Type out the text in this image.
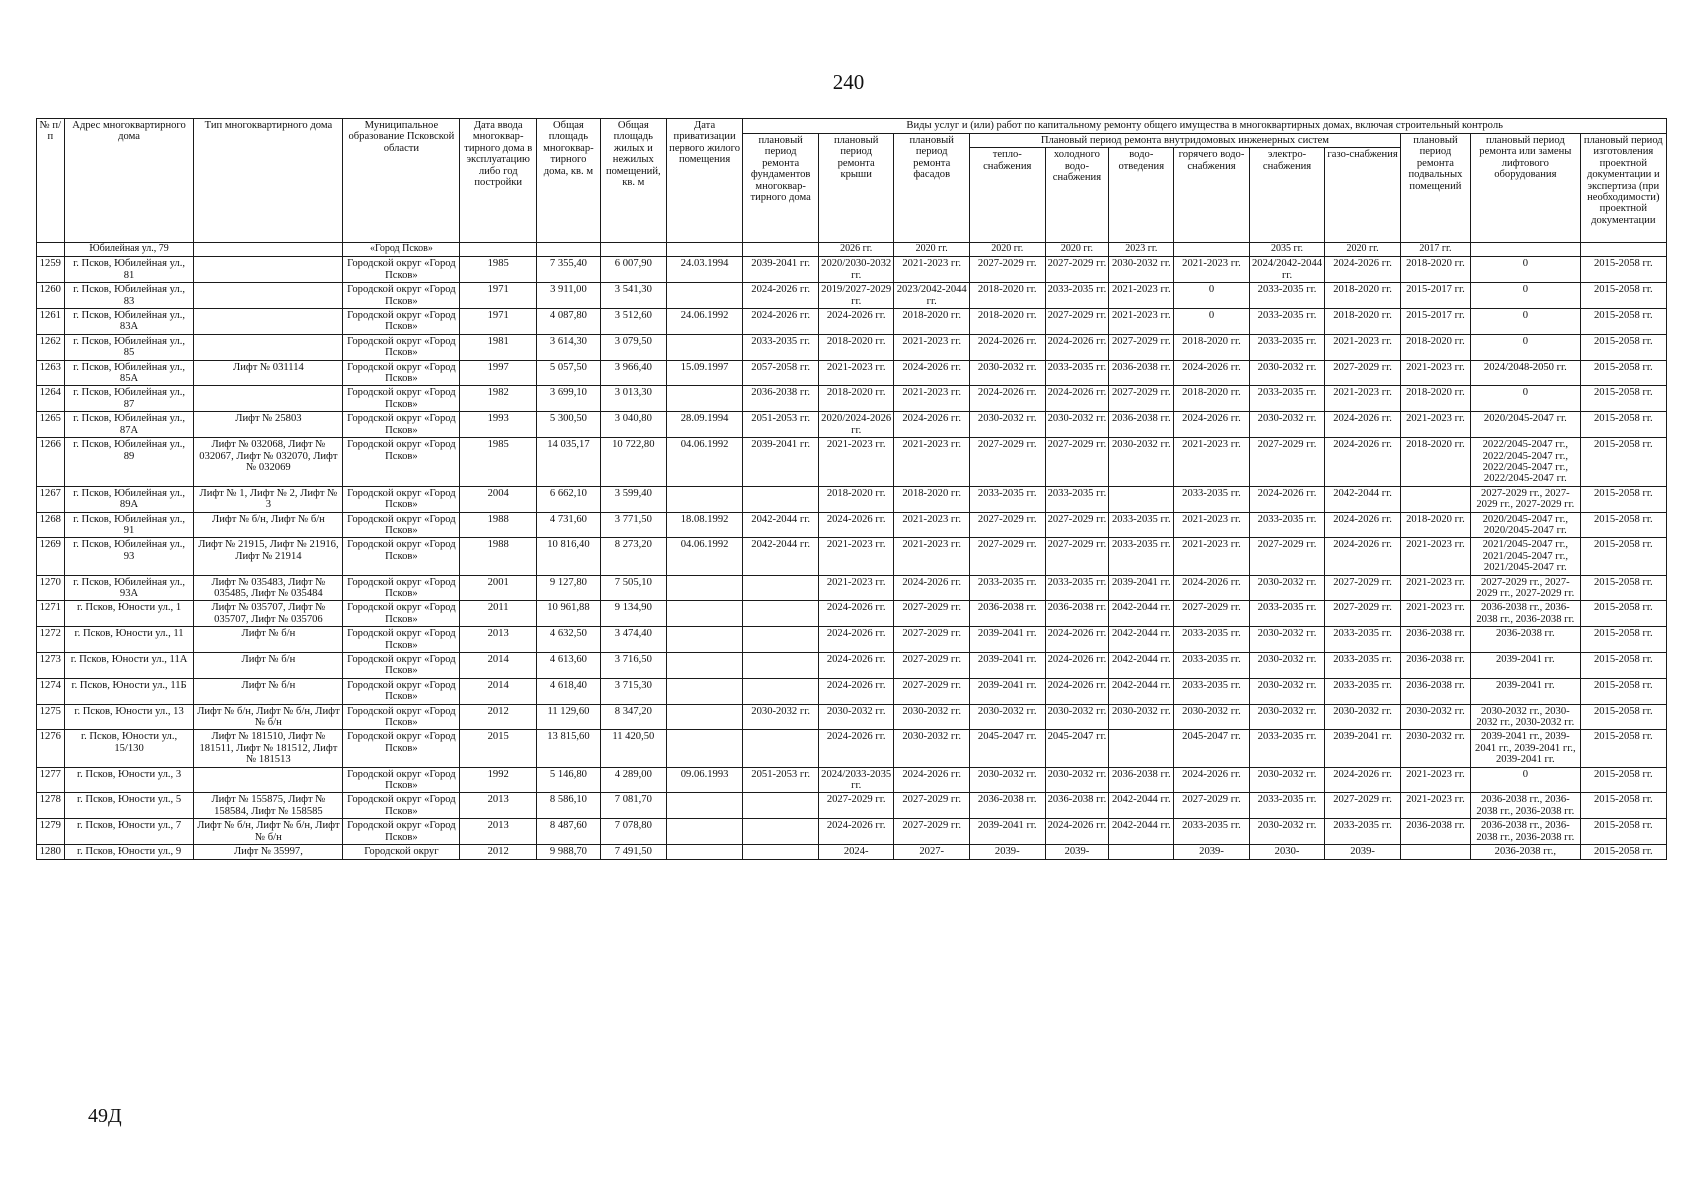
240
№ п/п	Адрес многоквартирного дома	Тип многоквартирного дома	Муниципальное образование Псковской области	Дата ввода многоквар-тирного дома в эксплуатацию либо год постройки	Общая площадь многоквар-тирного дома, кв. м	Общая площадь жилых и нежилых помещений, кв. м	Дата приватизации первого жилого помещения	Виды услуг и (или) работ по капитальному ремонту общего имущества в многоквартирных домах, включая строительный контроль											
								плановый период ремонта фундаментов многоквар-тирного дома	плановый период ремонта крыши	плановый период ремонта фасадов	Плановый период ремонта внутридомовых инженерных систем						плановый период ремонта подвальных помещений	плановый период ремонта или замены лифтового оборудования	плановый период изготовления проектной документации и экспертиза (при необходимости) проектной документации
											тепло-снабжения	холодного водо-снабжения	водо-отведения	горячего водо-снабжения	электро-снабжения	газо-снабжения			
	Юбилейная ул., 79		«Город Псков»						2026 гг.	2020 гг.	2020 гг.	2020 гг.	2023 гг.		2035 гг.	2020 гг.	2017 гг.		
1259	г. Псков, Юбилейная ул., 81		Городской округ «Город Псков»	1985	7 355,40	6 007,90	24.03.1994	2039-2041 гг.	2020/2030-2032 гг.	2021-2023 гг.	2027-2029 гг.	2027-2029 гг.	2030-2032 гг.	2021-2023 гг.	2024/2042-2044 гг.	2024-2026 гг.	2018-2020 гг.	0	2015-2058 гг.
1260	г. Псков, Юбилейная ул., 83		Городской округ «Город Псков»	1971	3 911,00	3 541,30		2024-2026 гг.	2019/2027-2029 гг.	2023/2042-2044 гг.	2018-2020 гг.	2033-2035 гг.	2021-2023 гг.	0	2033-2035 гг.	2018-2020 гг.	2015-2017 гг.	0	2015-2058 гг.
1261	г. Псков, Юбилейная ул., 83А		Городской округ «Город Псков»	1971	4 087,80	3 512,60	24.06.1992	2024-2026 гг.	2024-2026 гг.	2018-2020 гг.	2018-2020 гг.	2027-2029 гг.	2021-2023 гг.	0	2033-2035 гг.	2018-2020 гг.	2015-2017 гг.	0	2015-2058 гг.
1262	г. Псков, Юбилейная ул., 85		Городской округ «Город Псков»	1981	3 614,30	3 079,50		2033-2035 гг.	2018-2020 гг.	2021-2023 гг.	2024-2026 гг.	2024-2026 гг.	2027-2029 гг.	2018-2020 гг.	2033-2035 гг.	2021-2023 гг.	2018-2020 гг.	0	2015-2058 гг.
1263	г. Псков, Юбилейная ул., 85А	Лифт № 031114	Городской округ «Город Псков»	1997	5 057,50	3 966,40	15.09.1997	2057-2058 гг.	2021-2023 гг.	2024-2026 гг.	2030-2032 гг.	2033-2035 гг.	2036-2038 гг.	2024-2026 гг.	2030-2032 гг.	2027-2029 гг.	2021-2023 гг.	2024/2048-2050 гг.	2015-2058 гг.
1264	г. Псков, Юбилейная ул., 87		Городской округ «Город Псков»	1982	3 699,10	3 013,30		2036-2038 гг.	2018-2020 гг.	2021-2023 гг.	2024-2026 гг.	2024-2026 гг.	2027-2029 гг.	2018-2020 гг.	2033-2035 гг.	2021-2023 гг.	2018-2020 гг.	0	2015-2058 гг.
1265	г. Псков, Юбилейная ул., 87А	Лифт № 25803	Городской округ «Город Псков»	1993	5 300,50	3 040,80	28.09.1994	2051-2053 гг.	2020/2024-2026 гг.	2024-2026 гг.	2030-2032 гг.	2030-2032 гг.	2036-2038 гг.	2024-2026 гг.	2030-2032 гг.	2024-2026 гг.	2021-2023 гг.	2020/2045-2047 гг.	2015-2058 гг.
1266	г. Псков, Юбилейная ул., 89	Лифт № 032068, Лифт № 032067, Лифт № 032070, Лифт № 032069	Городской округ «Город Псков»	1985	14 035,17	10 722,80	04.06.1992	2039-2041 гг.	2021-2023 гг.	2021-2023 гг.	2027-2029 гг.	2027-2029 гг.	2030-2032 гг.	2021-2023 гг.	2027-2029 гг.	2024-2026 гг.	2018-2020 гг.	2022/2045-2047 гг., 2022/2045-2047 гг., 2022/2045-2047 гг., 2022/2045-2047 гг.	2015-2058 гг.
1267	г. Псков, Юбилейная ул., 89А	Лифт № 1, Лифт № 2, Лифт № 3	Городской округ «Город Псков»	2004	6 662,10	3 599,40			2018-2020 гг.	2018-2020 гг.	2033-2035 гг.	2033-2035 гг.		2033-2035 гг.	2024-2026 гг.	2042-2044 гг.		2027-2029 гг., 2027-2029 гг., 2027-2029 гг.	2015-2058 гг.
1268	г. Псков, Юбилейная ул., 91	Лифт № б/н, Лифт № б/н	Городской округ «Город Псков»	1988	4 731,60	3 771,50	18.08.1992	2042-2044 гг.	2024-2026 гг.	2021-2023 гг.	2027-2029 гг.	2027-2029 гг.	2033-2035 гг.	2021-2023 гг.	2033-2035 гг.	2024-2026 гг.	2018-2020 гг.	2020/2045-2047 гг., 2020/2045-2047 гг.	2015-2058 гг.
1269	г. Псков, Юбилейная ул., 93	Лифт № 21915, Лифт № 21916, Лифт № 21914	Городской округ «Город Псков»	1988	10 816,40	8 273,20	04.06.1992	2042-2044 гг.	2021-2023 гг.	2021-2023 гг.	2027-2029 гг.	2027-2029 гг.	2033-2035 гг.	2021-2023 гг.	2027-2029 гг.	2024-2026 гг.	2021-2023 гг.	2021/2045-2047 гг., 2021/2045-2047 гг., 2021/2045-2047 гг.	2015-2058 гг.
1270	г. Псков, Юбилейная ул., 93А	Лифт № 035483, Лифт № 035485, Лифт № 035484	Городской округ «Город Псков»	2001	9 127,80	7 505,10			2021-2023 гг.	2024-2026 гг.	2033-2035 гг.	2033-2035 гг.	2039-2041 гг.	2024-2026 гг.	2030-2032 гг.	2027-2029 гг.	2021-2023 гг.	2027-2029 гг., 2027-2029 гг., 2027-2029 гг.	2015-2058 гг.
1271	г. Псков, Юности ул., 1	Лифт № 035707, Лифт № 035707, Лифт № 035706	Городской округ «Город Псков»	2011	10 961,88	9 134,90			2024-2026 гг.	2027-2029 гг.	2036-2038 гг.	2036-2038 гг.	2042-2044 гг.	2027-2029 гг.	2033-2035 гг.	2027-2029 гг.	2021-2023 гг.	2036-2038 гг., 2036-2038 гг., 2036-2038 гг.	2015-2058 гг.
1272	г. Псков, Юности ул., 11	Лифт № б/н	Городской округ «Город Псков»	2013	4 632,50	3 474,40			2024-2026 гг.	2027-2029 гг.	2039-2041 гг.	2024-2026 гг.	2042-2044 гг.	2033-2035 гг.	2030-2032 гг.	2033-2035 гг.	2036-2038 гг.	2036-2038 гг.	2015-2058 гг.
1273	г. Псков, Юности ул., 11А	Лифт № б/н	Городской округ «Город Псков»	2014	4 613,60	3 716,50			2024-2026 гг.	2027-2029 гг.	2039-2041 гг.	2024-2026 гг.	2042-2044 гг.	2033-2035 гг.	2030-2032 гг.	2033-2035 гг.	2036-2038 гг.	2039-2041 гг.	2015-2058 гг.
1274	г. Псков, Юности ул., 11Б	Лифт № б/н	Городской округ «Город Псков»	2014	4 618,40	3 715,30			2024-2026 гг.	2027-2029 гг.	2039-2041 гг.	2024-2026 гг.	2042-2044 гг.	2033-2035 гг.	2030-2032 гг.	2033-2035 гг.	2036-2038 гг.	2039-2041 гг.	2015-2058 гг.
1275	г. Псков, Юности ул., 13	Лифт № б/н, Лифт № б/н, Лифт № б/н	Городской округ «Город Псков»	2012	11 129,60	8 347,20		2030-2032 гг.	2030-2032 гг.	2030-2032 гг.	2030-2032 гг.	2030-2032 гг.	2030-2032 гг.	2030-2032 гг.	2030-2032 гг.	2030-2032 гг.	2030-2032 гг.	2030-2032 гг., 2030-2032 гг., 2030-2032 гг.	2015-2058 гг.
1276	г. Псков, Юности ул., 15/130	Лифт № 181510, Лифт № 181511, Лифт № 181512, Лифт № 181513	Городской округ «Город Псков»	2015	13 815,60	11 420,50			2024-2026 гг.	2030-2032 гг.	2045-2047 гг.	2045-2047 гг.		2045-2047 гг.	2033-2035 гг.	2039-2041 гг.	2030-2032 гг.	2039-2041 гг., 2039-2041 гг., 2039-2041 гг., 2039-2041 гг.	2015-2058 гг.
1277	г. Псков, Юности ул., 3		Городской округ «Город Псков»	1992	5 146,80	4 289,00	09.06.1993	2051-2053 гг.	2024/2033-2035 гг.	2024-2026 гг.	2030-2032 гг.	2030-2032 гг.	2036-2038 гг.	2024-2026 гг.	2030-2032 гг.	2024-2026 гг.	2021-2023 гг.	0	2015-2058 гг.
1278	г. Псков, Юности ул., 5	Лифт № 155875, Лифт № 158584, Лифт № 158585	Городской округ «Город Псков»	2013	8 586,10	7 081,70			2027-2029 гг.	2027-2029 гг.	2036-2038 гг.	2036-2038 гг.	2042-2044 гг.	2027-2029 гг.	2033-2035 гг.	2027-2029 гг.	2021-2023 гг.	2036-2038 гг., 2036-2038 гг., 2036-2038 гг.	2015-2058 гг.
1279	г. Псков, Юности ул., 7	Лифт № б/н, Лифт № б/н, Лифт № б/н	Городской округ «Город Псков»	2013	8 487,60	7 078,80			2024-2026 гг.	2027-2029 гг.	2039-2041 гг.	2024-2026 гг.	2042-2044 гг.	2033-2035 гг.	2030-2032 гг.	2033-2035 гг.	2036-2038 гг.	2036-2038 гг., 2036-2038 гг., 2036-2038 гг.	2015-2058 гг.
1280	г. Псков, Юности ул., 9	Лифт № 35997,	Городской округ	2012	9 988,70	7 491,50			2024-	2027-	2039-	2039-		2039-	2030-	2039-		2036-2038 гг.,	2015-2058 гг.
49Д
